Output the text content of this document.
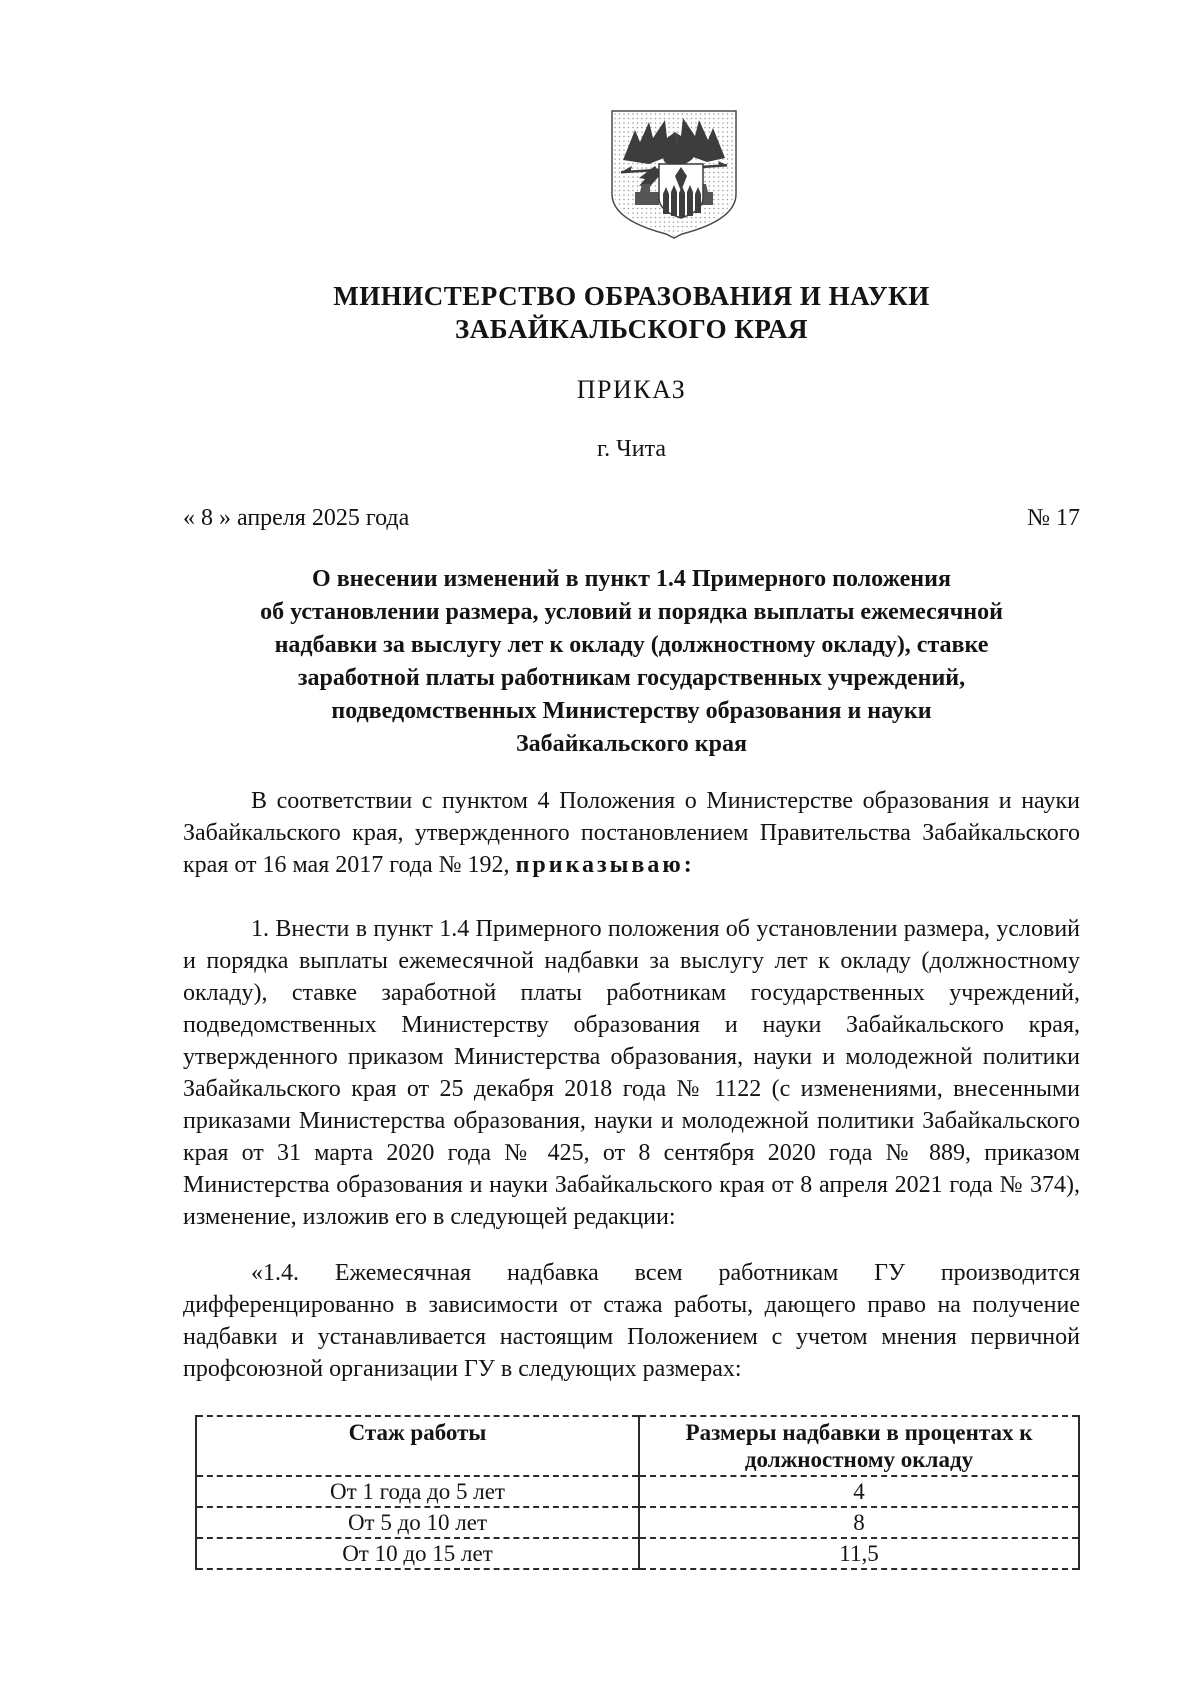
МИНИСТЕРСТВО ОБРАЗОВАНИЯ И НАУКИ
ЗАБАЙКАЛЬСКОГО КРАЯ
ПРИКАЗ
г. Чита
« 8 » апреля 2025 года	№ 17
О внесении изменений в пункт 1.4 Примерного положения
об установлении размера, условий и порядка выплаты ежемесячной
надбавки за выслугу лет к окладу (должностному окладу), ставке
заработной платы работникам государственных учреждений,
подведомственных Министерству образования и науки
Забайкальского края

В соответствии с пунктом 4 Положения о Министерстве образования и науки Забайкальского края, утвержденного постановлением Правительства Забайкальского края от 16 мая 2017 года № 192, приказываю:

1. Внести в пункт 1.4 Примерного положения об установлении размера, условий и порядка выплаты ежемесячной надбавки за выслугу лет к окладу (должностному окладу), ставке заработной платы работникам государственных учреждений, подведомственных Министерству образования и науки Забайкальского края, утвержденного приказом Министерства образования, науки и молодежной политики Забайкальского края от 25 декабря 2018 года № 1122 (с изменениями, внесенными приказами Министерства образования, науки и молодежной политики Забайкальского края от 31 марта 2020 года № 425, от 8 сентября 2020 года № 889, приказом Министерства образования и науки Забайкальского края от 8 апреля 2021 года № 374), изменение, изложив его в следующей редакции:

«1.4. Ежемесячная надбавка всем работникам ГУ производится дифференцированно в зависимости от стажа работы, дающего право на получение надбавки и устанавливается настоящим Положением с учетом мнения первичной профсоюзной организации ГУ в следующих размерах:

Стаж работы	Размеры надбавки в процентах к должностному окладу
От 1 года до 5 лет	4
От 5 до 10 лет	8
От 10 до 15 лет	11,5
